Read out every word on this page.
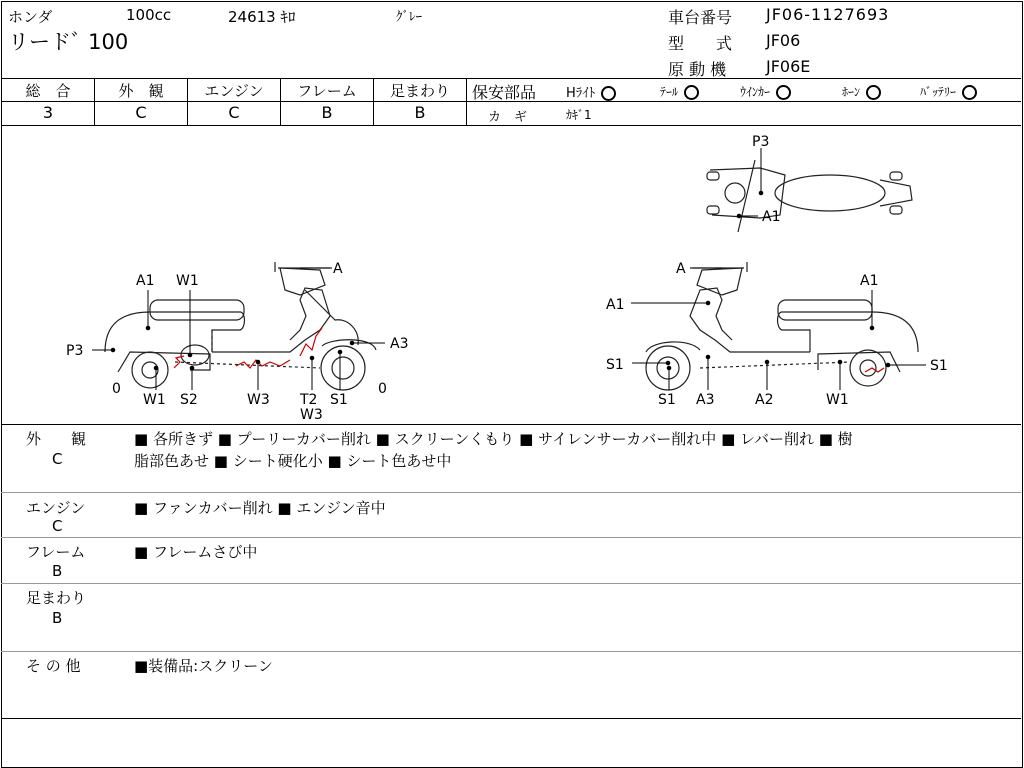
ホンダ	100cc	24613 ｷﾛ	ｸﾞﾚｰ
リードﾞ 100
車台番号 JF06-1127693
型　　式 JF06
原 動 機 JF06E
総　合	外　観	エンジン	フレーム	足まわり
3	C	C	B	B
保安部品 Hﾗｲﾄ	ﾃｰﾙ	ｳｲﾝｶｰ	ﾎｰﾝ	ﾊﾞｯﾃﾘｰ
カ　ギ	ｶｷﾞ1
A
A1 W1
P3	A3
0	0
W1 S2	W3 T2 S1
W3
P3
A1
A
A1
A1
S1	S1
S1 A3	A2	W1
外　　観
C
■ 各所きず ■ プーリーカバー削れ ■ スクリーンくもり ■ サイレンサーカバー削れ中 ■ レバー削れ ■ 樹
脂部色あせ ■ シート硬化小 ■ シート色あせ中
エンジン
C
■ ファンカバー削れ ■ エンジン音中
フレーム
B
■ フレームさび中
足まわり
B
そ の 他	■装備品:スクリーン
